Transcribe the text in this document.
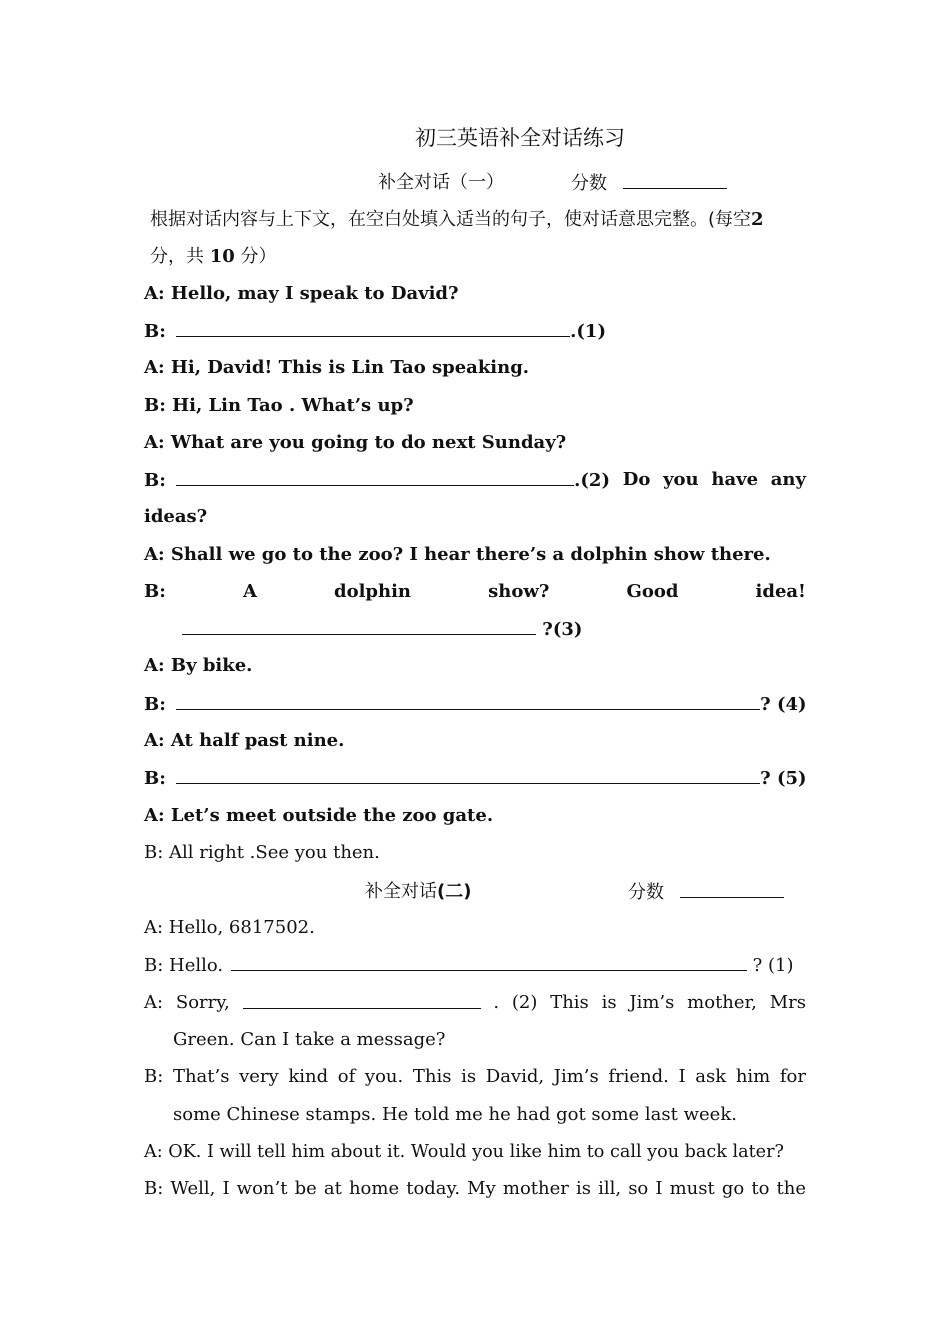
初三英语补全对话练习
补全对话（一）	分数
根据对话内容与上下文，在空白处填入适当的句子，使对话意思完整。(每空2
分，共 10 分）
A: Hello, may I speak to David?
B:	.(1)
A: Hi, David! This is Lin Tao speaking.
B: Hi, Lin Tao . What’s up?
A: What are you going to do next Sunday?
B:	.(2) Do you have any
ideas?
A: Shall we go to the zoo? I hear there’s a dolphin show there.
B:	A	dolphin	show?	Good	idea!
?(3)
A: By bike.
B:	? (4)
A: At half past nine.
B:	? (5)
A: Let’s meet outside the zoo gate.
B: All right .See you then.
补全对话(二)	分数
A: Hello, 6817502.
B: Hello.	? (1)
A: Sorry,	. (2) This is Jim’s mother, Mrs
Green. Can I take a message?
B: That’s very kind of you. This is David, Jim’s friend. I ask him for
some Chinese stamps. He told me he had got some last week.
A: OK. I will tell him about it. Would you like him to call you back later?
B: Well, I won’t be at home today. My mother is ill, so I must go to the
